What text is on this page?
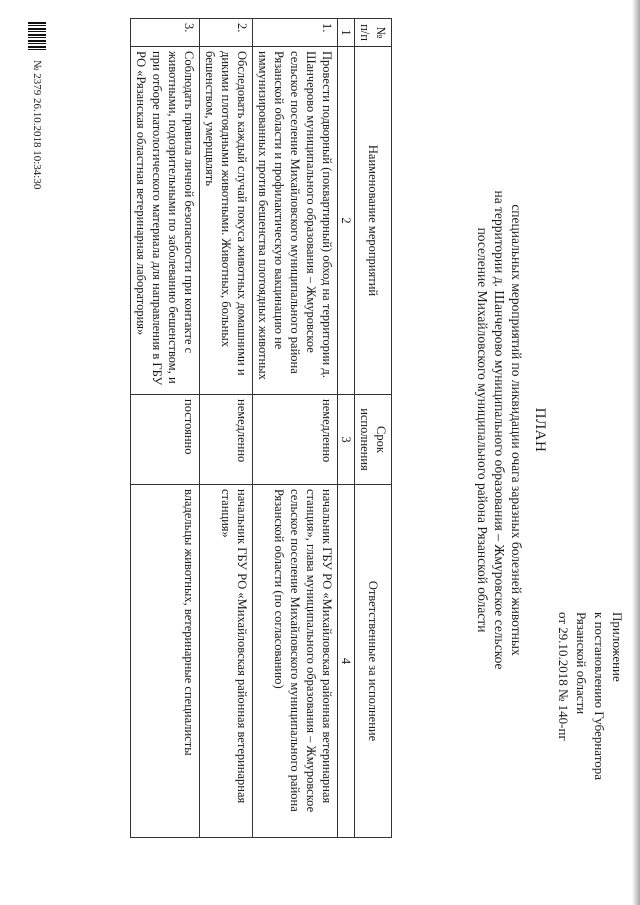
Приложение
к постановлению Губернатора
Рязанской области
от 29.10.2018 № 140-пг
ПЛАН
специальных мероприятий по ликвидации очага заразных болезней животных
на территории д. Шанчерово муниципального образования – Жмуровское сельское
поселение Михайловского муниципального района Рязанской области
№ п/п	Наименование мероприятий	Срок исполнения	Ответственные за исполнение
1	2	3	4
1.	Провести подворный (поквартирный) обход на территории д. Шанчерово муниципального образования – Жмуровское сельское поселение Михайловского муниципального района Рязанской области и профилактическую вакцинацию не иммунизированных против бешенства плотоядных животных	немедленно	начальник ГБУ РО «Михайловская районная ветеринарная станция», глава муниципального образования – Жмуровское сельское поселение Михайловского муниципального района Рязанской области (по согласованию)
2.	Обследовать каждый случай покуса животных домашними и дикими плотоядными животными. Животных, больных бешенством, умерщвлять	немедленно	начальник ГБУ РО «Михайловская районная ветеринарная станция»
3.	Соблюдать правила личной безопасности при контакте с животными, подозрительными по заболеванию бешенством, и при отборе патологического материала для направления в ГБУ РО «Рязанская областная ветеринарная лаборатория»	постоянно	владельцы животных, ветеринарные специалисты
№ 2379 26.10.2018 10:34:30
